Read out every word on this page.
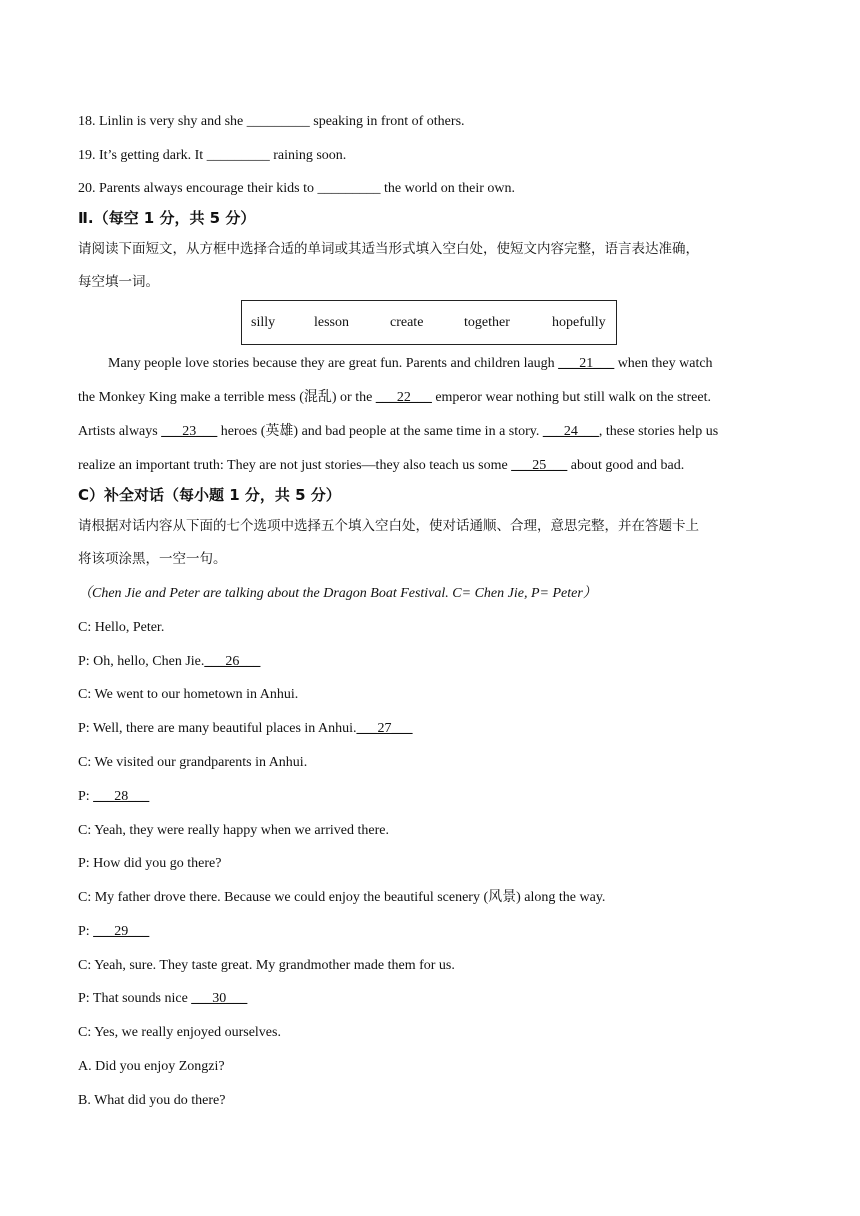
18. Linlin is very shy and she _________ speaking in front of others.
19. It’s getting dark. It _________ raining soon.
20. Parents always encourage their kids to _________ the world on their own.
Ⅱ.（每空 1 分，共 5 分）
请阅读下面短文，从方框中选择合适的单词或其适当形式填入空白处，使短文内容完整，语言表达准确，
每空填一词。
silly	lesson	create	together	hopefully
Many people love stories because they are great fun. Parents and children laugh ___21___ when they watch
the Monkey King make a terrible mess (混乱) or the ___22___ emperor wear nothing but still walk on the street.
Artists always ___23___ heroes (英雄) and bad people at the same time in a story. ___24___, these stories help us
realize an important truth: They are not just stories—they also teach us some ___25___ about good and bad.
C）补全对话（每小题 1 分，共 5 分）
请根据对话内容从下面的七个选项中选择五个填入空白处，使对话通顺、合理，意思完整，并在答题卡上
将该项涂黑，一空一句。
（Chen Jie and Peter are talking about the Dragon Boat Festival. C= Chen Jie, P= Peter）
C: Hello, Peter.
P: Oh, hello, Chen Jie.___26___
C: We went to our hometown in Anhui.
P: Well, there are many beautiful places in Anhui.___27___
C: We visited our grandparents in Anhui.
P: ___28___
C: Yeah, they were really happy when we arrived there.
P: How did you go there?
C: My father drove there. Because we could enjoy the beautiful scenery (风景) along the way.
P: ___29___
C: Yeah, sure. They taste great. My grandmother made them for us.
P: That sounds nice ___30___
C: Yes, we really enjoyed ourselves.
A. Did you enjoy Zongzi?
B. What did you do there?
